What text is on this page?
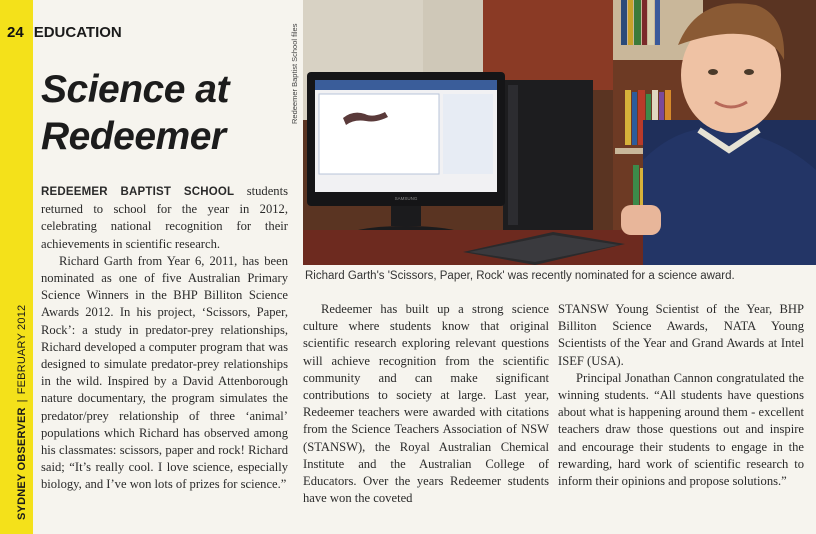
SYDNEY OBSERVER|FEBRUARY 2012
24 EDUCATION
Science at Redeemer
Redeemer Baptist School files
SAMSUNG
Richard Garth's 'Scissors, Paper, Rock' was recently nominated for a science award.

REDEEMER BAPTIST SCHOOL students returned to school for the year in 2012, celebrating national recognition for their achievements in scientific research.

Richard Garth from Year 6, 2011, has been nominated as one of five Australian Primary Science Winners in the BHP Billiton Science Awards 2012. In his project, ‘Scissors, Paper, Rock’: a study in predator-prey relationships, Richard developed a computer program that was designed to simulate predator-prey relationships in the wild. Inspired by a David Attenborough nature documentary, the program simulates the predator/prey relationship of three ‘animal’ populations which Richard has observed among his classmates: scissors, paper and rock! Richard said; “It’s really cool. I love science, especially biology, and I’ve won lots of prizes for science.”

Redeemer has built up a strong science culture where students know that original scientific research exploring relevant questions will achieve recognition from the scientific community and can make significant contributions to society at large. Last year, Redeemer teachers were awarded with citations from the Science Teachers Association of NSW (STANSW), the Royal Australian Chemical Institute and the Australian College of Educators. Over the years Redeemer students have won the coveted

STANSW Young Scientist of the Year, BHP Billiton Science Awards, NATA Young Scientists of the Year and Grand Awards at Intel ISEF (USA).

Principal Jonathan Cannon congratulated the winning students. “All students have questions about what is happening around them - excellent teachers draw those questions out and inspire and encourage their students to engage in the rewarding, hard work of scientific research to inform their opinions and propose solutions.”
